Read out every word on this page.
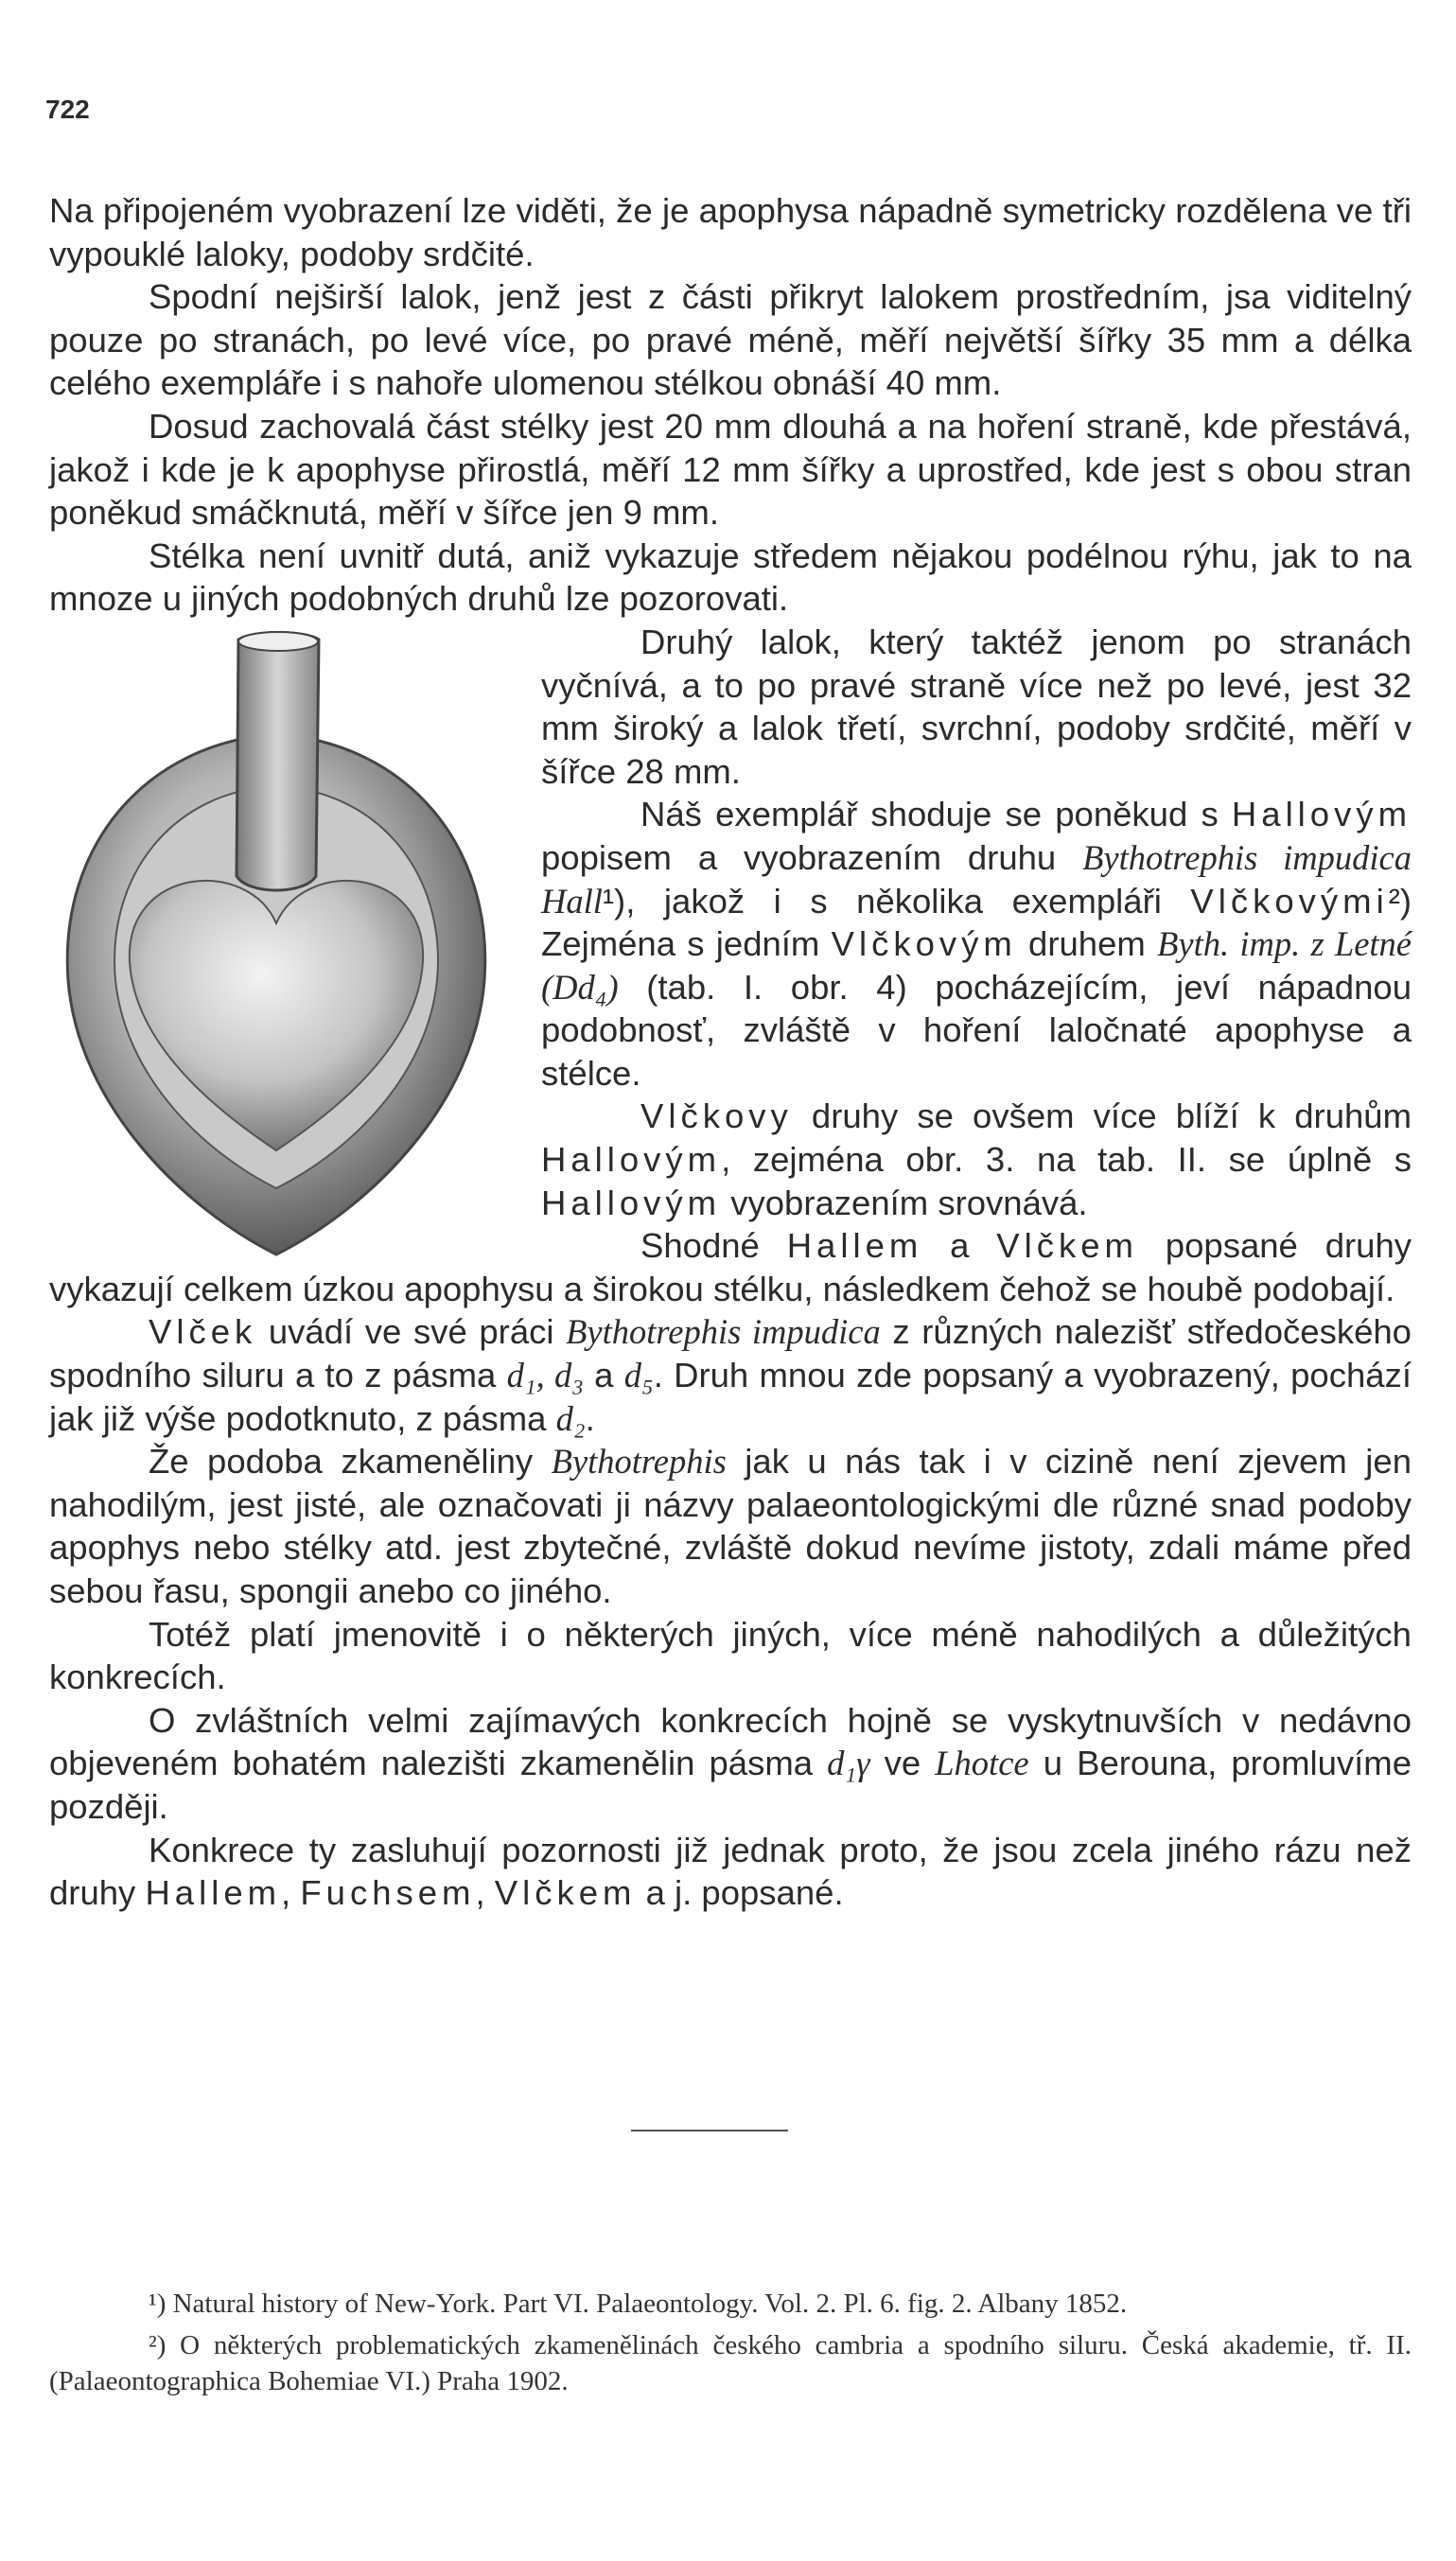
722

Na připojeném vyobrazení lze viděti, že je apophysa nápadně symetricky rozdělena ve tři vypouklé laloky, podoby srdčité.

Spodní nejširší lalok, jenž jest z části přikryt lalokem prostředním, jsa viditelný pouze po stranách, po levé více, po pravé méně, měří největší šířky 35 mm a délka celého exempláře i s nahoře ulomenou stélkou obnáší 40 mm.

Dosud zachovalá část stélky jest 20 mm dlouhá a na hoření straně, kde přestává, jakož i kde je k apophyse přirostlá, měří 12 mm šířky a uprostřed, kde jest s obou stran poněkud smáčknutá, měří v šířce jen 9 mm.

Stélka není uvnitř dutá, aniž vykazuje středem nějakou podélnou rýhu, jak to na mnoze u jiných podobných druhů lze pozorovati.

Druhý lalok, který taktéž jenom po stranách vyčnívá, a to po pravé straně více než po levé, jest 32 mm široký a lalok třetí, svrchní, podoby srdčité, měří v šířce 28 mm.

Náš exemplář shoduje se poněkud s Hallovým popisem a vyobrazením druhu Bythotrephis impudica Hall¹), jakož i s několika exempláři Vlčkovými²) Zejména s jedním Vlčkovým druhem Byth. imp. z Letné (Dd₄) (tab. I. obr. 4) pocházejícím, jeví nápadnou podobnosť, zvláště v hoření laločnaté apophyse a stélce.

Vlčkovy druhy se ovšem více blíží k druhům Hallovým, zejména obr. 3. na tab. II. se úplně s Hallovým vyobrazením srovnává.

Shodné Hallem a Vlčkem popsané druhy vykazují celkem úzkou apophysu a širokou stélku, následkem čehož se houbě podobají.

Vlček uvádí ve své práci Bythotrephis impudica z různých nalezišť středočeského spodního siluru a to z pásma d₁, d₃ a d₅. Druh mnou zde popsaný a vyobrazený, pochází jak již výše podotknuto, z pásma d₂.

Že podoba zkameněliny Bythotrephis jak u nás tak i v cizině není zjevem jen nahodilým, jest jisté, ale označovati ji názvy palaeontologickými dle různé snad podoby apophys nebo stélky atd. jest zbytečné, zvláště dokud nevíme jistoty, zdali máme před sebou řasu, spongii anebo co jiného.

Totéž platí jmenovitě i o některých jiných, více méně nahodilých a důležitých konkrecích.

O zvláštních velmi zajímavých konkrecích hojně se vyskytnuvších v nedávno objeveném bohatém nalezišti zkamenělin pásma d₁γ ve Lhotce u Berouna, promluvíme později.

Konkrece ty zasluhují pozornosti již jednak proto, že jsou zcela jiného rázu než druhy Hallem, Fuchsem, Vlčkem a j. popsané.

¹) Natural history of New-York. Part VI. Palaeontology. Vol. 2. Pl. 6. fig. 2. Albany 1852.

²) O některých problematických zkamenělinách českého cambria a spodního siluru. Česká akademie, tř. II. (Palaeontographica Bohemiae VI.) Praha 1902.
